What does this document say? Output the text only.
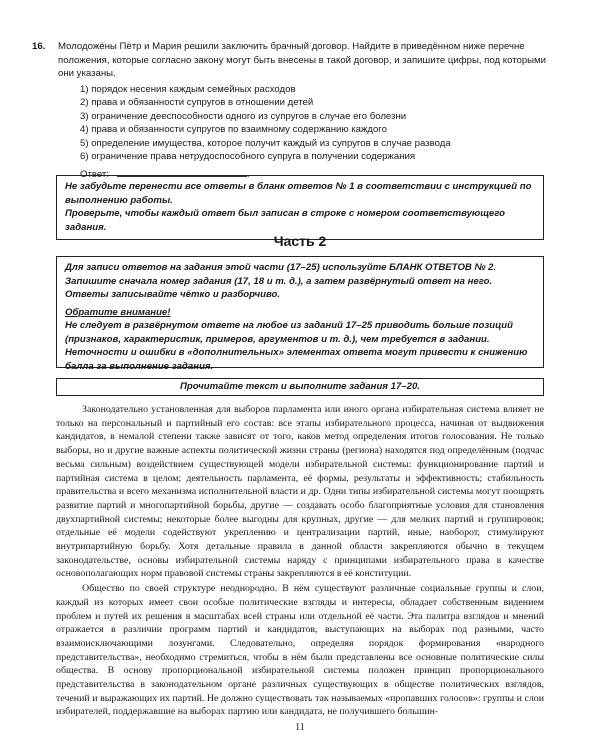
16. Молодожёны Пётр и Мария решили заключить брачный договор. Найдите в приведённом ниже перечне положения, которые согласно закону могут быть внесены в такой договор, и запишите цифры, под которыми они указаны.

1) порядок несения каждым семейных расходов
2) права и обязанности супругов в отношении детей
3) ограничение дееспособности одного из супругов в случае его болезни
4) права и обязанности супругов по взаимному содержанию каждого
5) определение имущества, которое получит каждый из супругов в случае развода
6) ограничение права нетрудоспособного супруга в получении содержания
Ответ:	.

Не забудьте перенести все ответы в бланк ответов № 1 в соответствии с инструкцией по выполнению работы.

Проверьте, чтобы каждый ответ был записан в строке с номером соответствующего задания.

Часть 2

Для записи ответов на задания этой части (17–25) используйте БЛАНК ОТВЕТОВ № 2. Запишите сначала номер задания (17, 18 и т. д.), а затем развёрнутый ответ на него. Ответы записывайте чётко и разборчиво.

Обратите внимание!

Не следует в развёрнутом ответе на любое из заданий 17–25 приводить больше позиций (признаков, характеристик, примеров, аргументов и т. д.), чем требуется в задании. Неточности и ошибки в «дополнительных» элементах ответа могут привести к снижению балла за выполнение задания.

Прочитайте текст и выполните задания 17–20.

Законодательно установленная для выборов парламента или иного органа избирательная система влияет не только на персональный и партийный его состав: все этапы избирательного процесса, начиная от выдвижения кандидатов, в немалой степени также зависят от того, каков метод определения итогов голосования. Не только выборы, но и другие важные аспекты политической жизни страны (региона) находятся под определённым (подчас весьма сильным) воздействием существующей модели избирательной системы: функционирование партий и партийная система в целом; деятельность парламента, её формы, результаты и эффективность; стабильность правительства и всего механизма исполнительной власти и др. Одни типы избирательной системы могут поощрять развитие партий и многопартийной борьбы, другие — создавать особо благоприятные условия для становления двухпартийной системы; некоторые более выгодны для крупных, другие — для мелких партий и группировок; отдельные её модели содействуют укреплению и централизации партий, иные, наоборот, стимулируют внутрипартийную борьбу. Хотя детальные правила в данной области закрепляются обычно в текущем законодательстве, основы избирательной системы наряду с принципами избирательного права в качестве основополагающих норм правовой системы страны закрепляются в её конституции.

Общество по своей структуре неоднородно. В нём существуют различные социальные группы и слои, каждый из которых имеет свои особые политические взгляды и интересы, обладает собственным видением проблем и путей их решения в масштабах всей страны или отдельной её части. Эта палитра взглядов и мнений отражается в различии программ партий и кандидатов, выступающих на выборах под разными, часто взаимоисключающими лозунгами. Следовательно, определяя порядок формирования «народного представительства», необходимо стремиться, чтобы в нём были представлены все основные политические силы общества. В основу пропорциональной избирательной системы положен принцип пропорционального представительства в законодательном органе различных существующих в обществе политических взглядов, течений и выражающих их партий. Не должно существовать так называемых «пропавших голосов»: группы и слои избирателей, поддержавшие на выборах партию или кандидата, не получившего большин-

11
